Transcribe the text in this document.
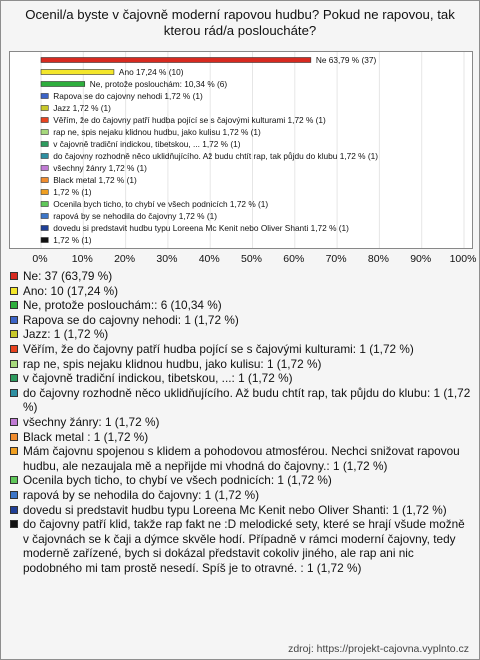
Ocenil/a byste v čajovně moderní rapovou hudbu? Pokud ne rapovou, tak kterou rád/a posloucháte?
Ne 63,79 % (37)
Ano 17,24 % (10)
Ne, protože poslouchám: 10,34 % (6)
Rapova se do cajovny nehodi 1,72 % (1)
Jazz 1,72 % (1)
Věřím, že do čajovny patří hudba pojící se s čajovými kulturami 1,72 % (1)
rap ne, spis nejaku klidnou hudbu, jako kulisu 1,72 % (1)
v čajovně tradiční indickou, tibetskou, ... 1,72 % (1)
do čajovny rozhodně něco uklidňujícího. Až budu chtít rap, tak půjdu do klubu 1,72 % (1)
všechny žánry 1,72 % (1)
Black metal 1,72 % (1)
1,72 % (1)
Ocenila bych ticho, to chybí ve všech podnicích 1,72 % (1)
rapová by se nehodila do čajovny 1,72 % (1)
dovedu si predstavit hudbu typu Loreena Mc Kenit nebo Oliver Shanti 1,72 % (1)
1,72 % (1)
0% 10% 20% 30% 40% 50% 60% 70% 80% 90% 100%
Ne: 37 (63,79 %)
Ano: 10 (17,24 %)
Ne, protože poslouchám:: 6 (10,34 %)
Rapova se do cajovny nehodi: 1 (1,72 %)
Jazz: 1 (1,72 %)
Věřím, že do čajovny patří hudba pojící se s čajovými kulturami: 1 (1,72 %)
rap ne, spis nejaku klidnou hudbu, jako kulisu: 1 (1,72 %)
v čajovně tradiční indickou, tibetskou, ...: 1 (1,72 %)
do čajovny rozhodně něco uklidňujícího. Až budu chtít rap, tak půjdu do klubu: 1 (1,72 %)
všechny žánry: 1 (1,72 %)
Black metal : 1 (1,72 %)
Mám čajovnu spojenou s klidem a pohodovou atmosférou. Nechci snižovat rapovou hudbu, ale nezaujala mě a nepřijde mi vhodná do čajovny.: 1 (1,72 %)
Ocenila bych ticho, to chybí ve všech podnicích: 1 (1,72 %)
rapová by se nehodila do čajovny: 1 (1,72 %)
dovedu si predstavit hudbu typu Loreena Mc Kenit nebo Oliver Shanti: 1 (1,72 %)
do čajovny patří klid, takže rap fakt ne :D melodické sety, které se hrají všude možně v čajovnách se k čaji a dýmce skvěle hodí. Případně v rámci moderní čajovny, tedy moderně zařízené, bych si dokázal představit cokoliv jiného, ale rap ani nic podobného mi tam prostě nesedí. Spíš je to otravné. : 1 (1,72 %)
zdroj: https://projekt-cajovna.vyplnto.cz
